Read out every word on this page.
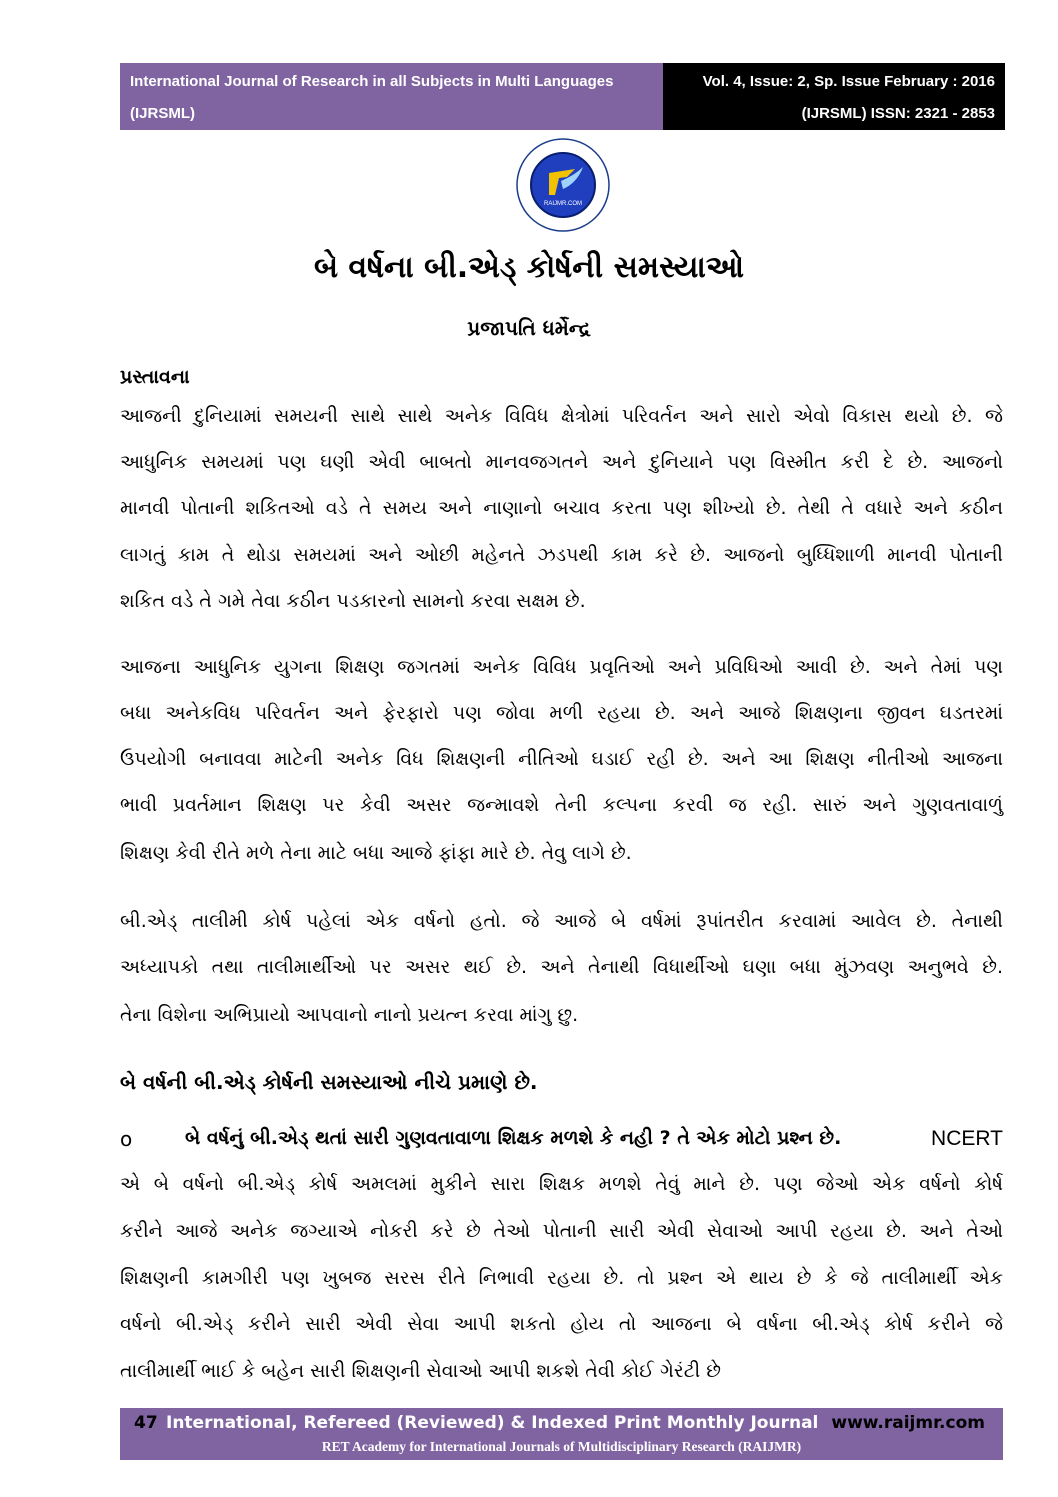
International Journal of Research in all Subjects in Multi Languages
(IJRSML)
Vol. 4, Issue: 2, Sp. Issue February : 2016
(IJRSML) ISSN: 2321 - 2853
RAIJMR.COM
બે વર્ષના બી.એડ્ કોર્ષની સમસ્યાઓ
પ્રજાપતિ ધર્મેન્દ્ર
પ્રસ્તાવના
આજની દુનિયામાં સમયની સાથે સાથે અનેક વિવિધ ક્ષેત્રોમાં પરિવર્તન અને સારો એવો વિકાસ થયો છે. જે
આધુનિક સમયમાં પણ ઘણી એવી બાબતો માનવજગતને અને દુનિયાને પણ વિસ્મીત કરી દે છે. આજનો
માનવી પોતાની શકિતઓ વડે તે સમય અને નાણાનો બચાવ કરતા પણ શીખ્યો છે. તેથી તે વધારે અને કઠીન
લાગતું કામ તે થોડા સમયમાં અને ઓછી મહેનતે ઝડપથી કામ કરે છે. આજનો બુધ્ધિશાળી માનવી પોતાની
શકિત વડે તે ગમે તેવા કઠીન પડકારનો સામનો કરવા સક્ષમ છે.
આજના આધુનિક યુગના શિક્ષણ જગતમાં અનેક વિવિધ પ્રવૃતિઓ અને પ્રવિધિઓ આવી છે. અને તેમાં પણ
બધા અનેકવિધ પરિવર્તન અને ફેરફારો પણ જોવા મળી રહયા છે. અને આજે શિક્ષણના જીવન ઘડતરમાં
ઉપયોગી બનાવવા માટેની અનેક વિધ શિક્ષણની નીતિઓ ઘડાઈ રહી છે. અને આ શિક્ષણ નીતીઓ આજના
ભાવી પ્રવર્તમાન શિક્ષણ પર કેવી અસર જન્માવશે તેની કલ્પના કરવી જ રહી. સારું અને ગુણવતાવાળું
શિક્ષણ કેવી રીતે મળે તેના માટે બધા આજે ફાંફા મારે છે. તેવુ લાગે છે.
બી.એડ્ તાલીમી કોર્ષ પહેલાં એક વર્ષનો હતો. જે આજે બે વર્ષમાં રૂપાંતરીત કરવામાં આવેલ છે. તેનાથી
અધ્યાપકો તથા તાલીમાર્થીઓ પર અસર થઈ છે. અને તેનાથી વિધાર્થીઓ ઘણા બધા મુંઝવણ અનુભવે છે.
તેના વિશેના અભિપ્રાયો આપવાનો નાનો પ્રયત્ન કરવા માંગુ છુ.
બે વર્ષની બી.એડ્ કોર્ષની સમસ્યાઓ નીચે પ્રમાણે છે.
o	બે વર્ષનું બી.એડ્ થતાં સારી ગુણવતાવાળા શિક્ષક મળશે કે નહી ? તે એક મોટો પ્રશ્ન છે.	NCERT
એ બે વર્ષનો બી.એડ્ કોર્ષ અમલમાં મુકીને સારા શિક્ષક મળશે તેવું માને છે. પણ જેઓ એક વર્ષનો કોર્ષ
કરીને આજે અનેક જગ્યાએ નોકરી કરે છે તેઓ પોતાની સારી એવી સેવાઓ આપી રહયા છે. અને તેઓ
શિક્ષણની કામગીરી પણ ખુબજ સરસ રીતે નિભાવી રહયા છે. તો પ્રશ્ન એ થાય છે કે જે તાલીમાર્થી એક
વર્ષનો બી.એડ્ કરીને સારી એવી સેવા આપી શકતો હોય તો આજના બે વર્ષના બી.એડ્ કોર્ષ કરીને જે
તાલીમાર્થી ભાઈ કે બહેન સારી શિક્ષણની સેવાઓ આપી શકશે તેવી કોઈ ગેરંટી છે
47 International, Refereed (Reviewed) & Indexed Print Monthly Journal www.raijmr.com
RET Academy for International Journals of Multidisciplinary Research (RAIJMR)
